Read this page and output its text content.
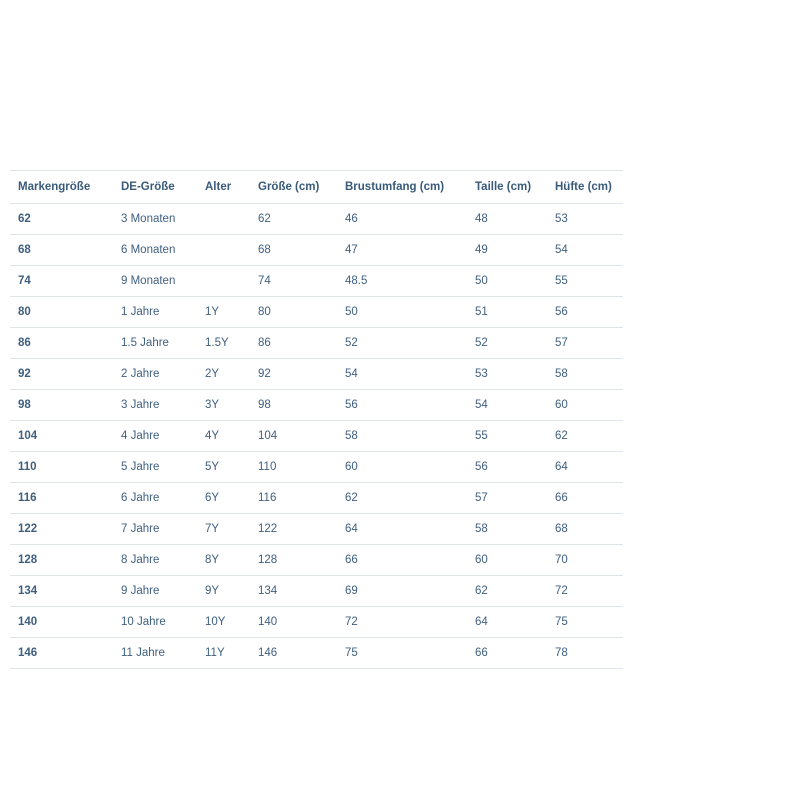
Markengröße	DE-Größe	Alter	Größe (cm)	Brustumfang (cm)	Taille (cm)	Hüfte (cm)
62	3 Monaten		62	46	48	53
68	6 Monaten		68	47	49	54
74	9 Monaten		74	48.5	50	55
80	1 Jahre	1Y	80	50	51	56
86	1.5 Jahre	1.5Y	86	52	52	57
92	2 Jahre	2Y	92	54	53	58
98	3 Jahre	3Y	98	56	54	60
104	4 Jahre	4Y	104	58	55	62
110	5 Jahre	5Y	110	60	56	64
116	6 Jahre	6Y	116	62	57	66
122	7 Jahre	7Y	122	64	58	68
128	8 Jahre	8Y	128	66	60	70
134	9 Jahre	9Y	134	69	62	72
140	10 Jahre	10Y	140	72	64	75
146	11 Jahre	11Y	146	75	66	78
